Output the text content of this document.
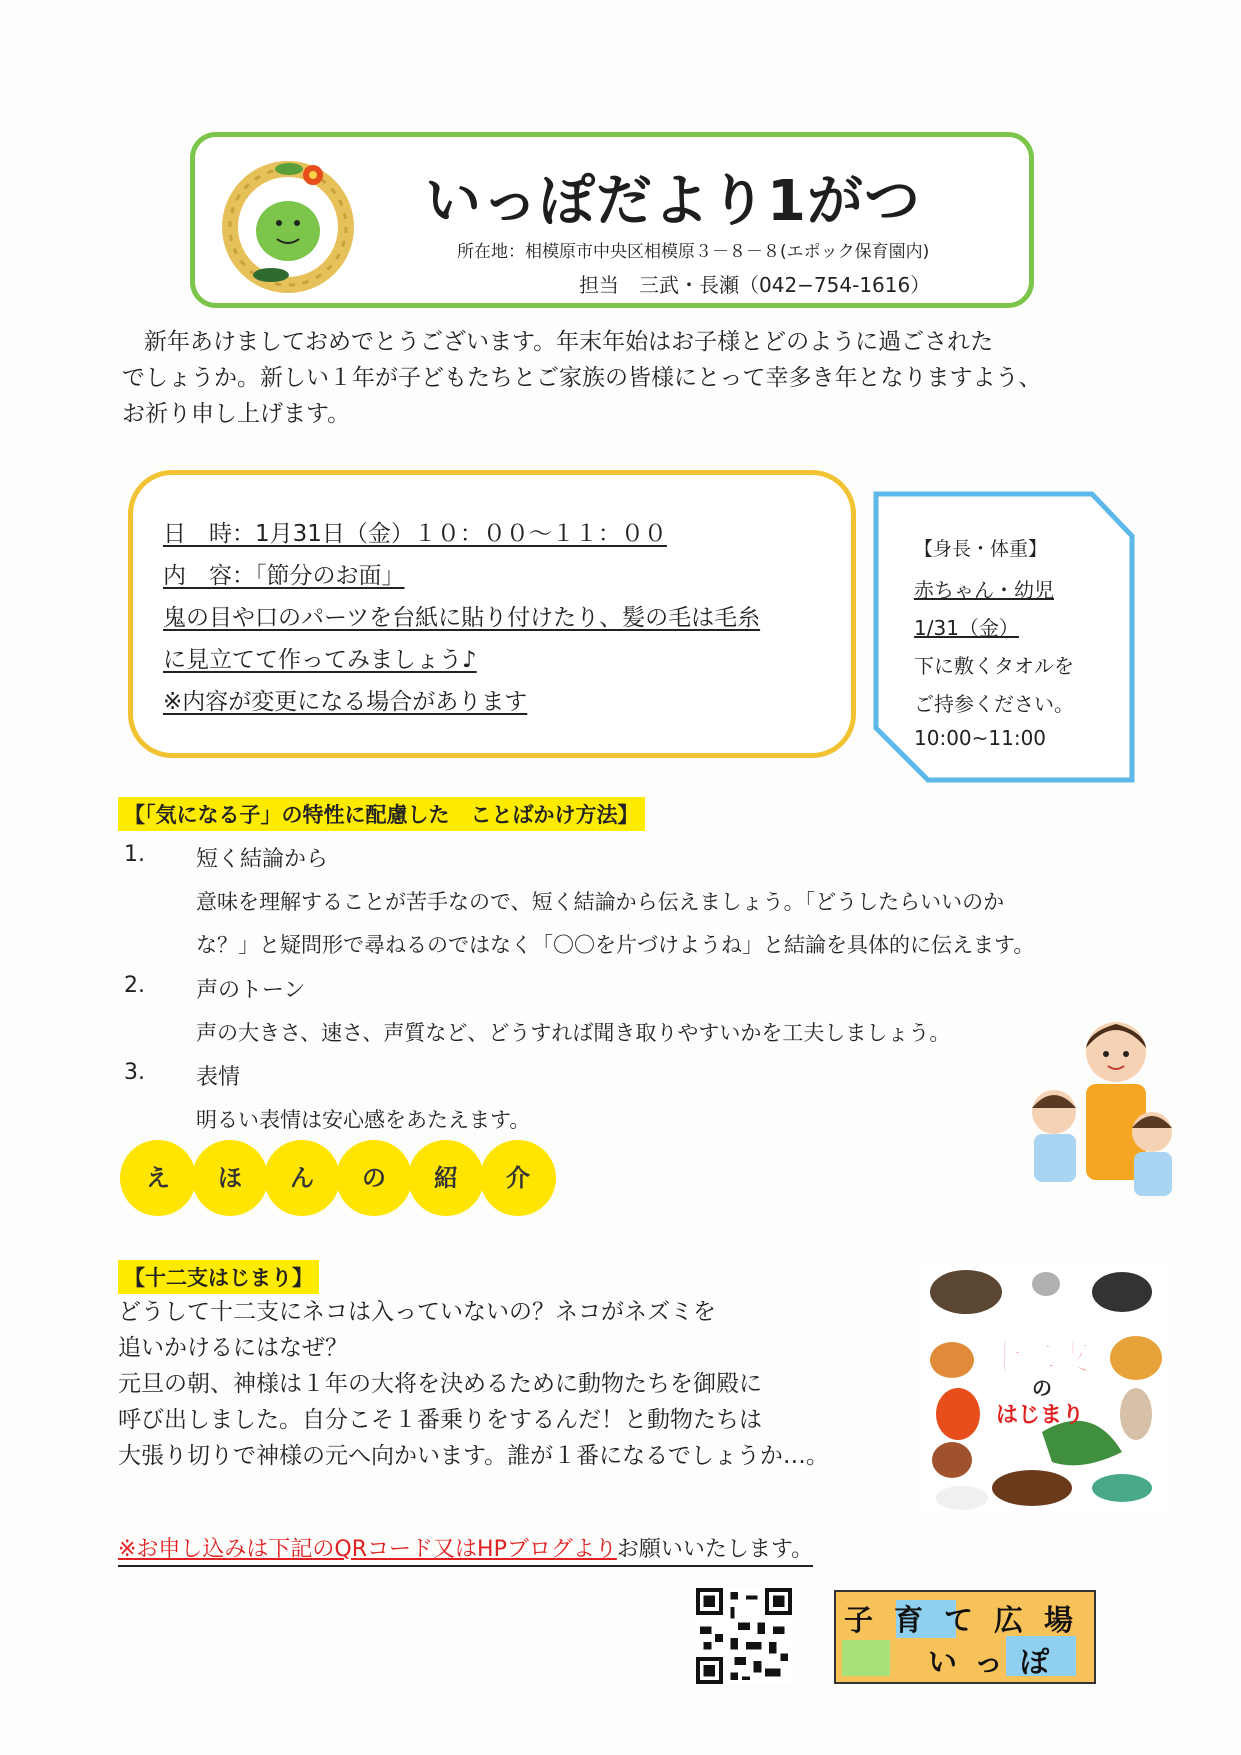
いっぽだより1がつ
所在地：相模原市中央区相模原３－８－８(エポック保育園内)
担当　三武・長瀬（042−754-1616）
新年あけましておめでとうございます。年末年始はお子様とどのように過ごされた
でしょうか。新しい１年が子どもたちとご家族の皆様にとって幸多き年となりますよう、
お祈り申し上げます。
日　時：1月31日（金）１０：００～１１：００
内　容：「節分のお面」
鬼の目や口のパーツを台紙に貼り付けたり、髪の毛は毛糸
に見立てて作ってみましょう♪
※内容が変更になる場合があります
【身長・体重】
赤ちゃん・幼児
1/31（金）
下に敷くタオルを
ご持参ください。
10:00~11:00
【「気になる子」の特性に配慮した　ことばかけ方法】
1. 短く結論から
意味を理解することが苦手なので、短く結論から伝えましょう。「どうしたらいいのか
な？」と疑問形で尋ねるのではなく「〇〇を片づけようね」と結論を具体的に伝えます。
2. 声のトーン
声の大きさ、速さ、声質など、どうすれば聞き取りやすいかを工夫しましょう。
3. 表情
明るい表情は安心感をあたえます。
え	ほ	ん	の	紹	介
【十二支はじまり】
どうして十二支にネコは入っていないの？ネコがネズミを
追いかけるにはなぜ？
元旦の朝、神様は１年の大将を決めるために動物たちを御殿に
呼び出しました。自分こそ１番乗りをするんだ！と動物たちは
大張り切りで神様の元へ向かいます。誰が１番になるでしょうか…。
十二支
の
はじまり
※お申し込みは下記のQRコード又はHPブログよりお願いいたします。
子 育 て 広 場
い っ ぽ
